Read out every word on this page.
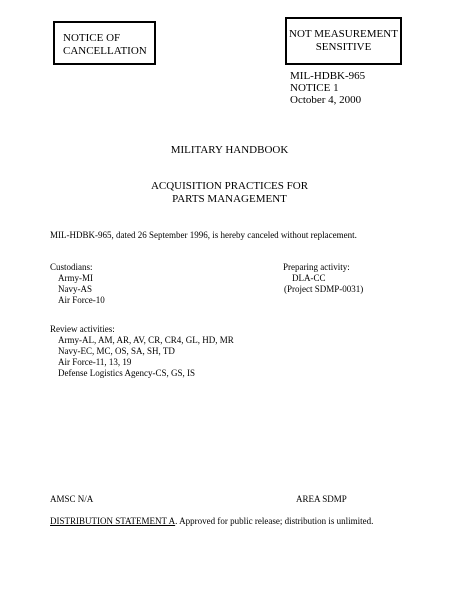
NOTICE OF
CANCELLATION
NOT MEASUREMENT
SENSITIVE
MIL-HDBK-965
NOTICE 1
October 4, 2000
MILITARY HANDBOOK
ACQUISITION PRACTICES FOR
PARTS MANAGEMENT
MIL-HDBK-965, dated 26 September 1996, is hereby canceled without replacement.
Custodians:
Army-MI
Navy-AS
Air Force-10
Preparing activity:
DLA-CC
(Project SDMP-0031)
Review activities:
Army-AL, AM, AR, AV, CR, CR4, GL, HD, MR
Navy-EC, MC, OS, SA, SH, TD
Air Force-11, 13, 19
Defense Logistics Agency-CS, GS, IS
AMSC N/A	AREA SDMP
DISTRIBUTION STATEMENT A. Approved for public release; distribution is unlimited.
